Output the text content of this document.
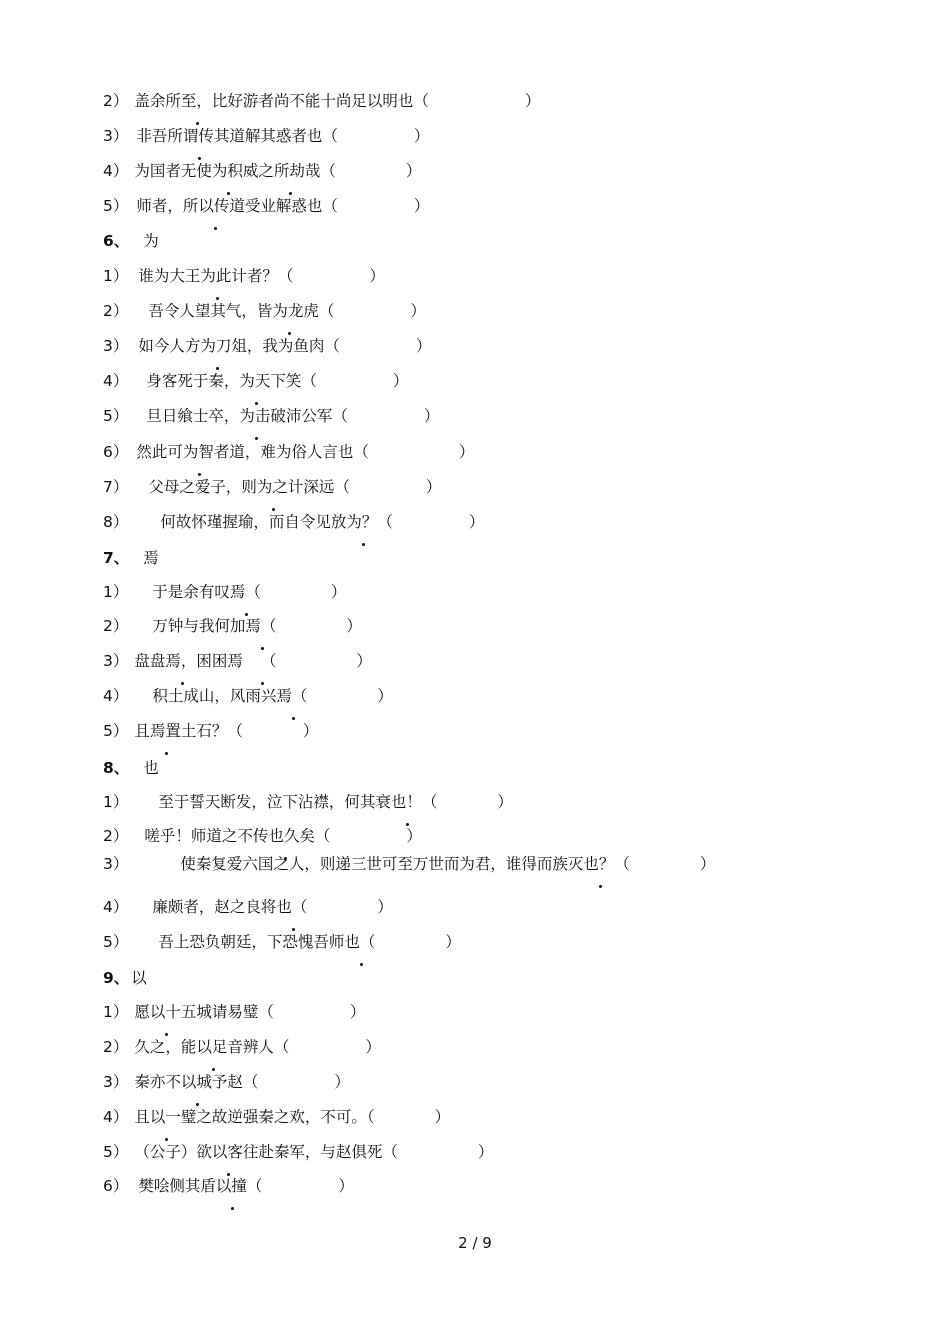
2） 盖余所至，比好游者尚不能十尚足以明也（	）
3） 非吾所谓传其道解其惑者也（	）
4） 为国者无使为积威之所劫哉（	）
5） 师者，所以传道受业解惑也（	）
6、 为
1） 谁为大王为此计者？（	）
2） 吾令人望其气，皆为龙虎（	）
3） 如今人方为刀俎，我为鱼肉（	）
4） 身客死于秦，为天下笑（	）
5） 旦日飨士卒，为击破沛公军（	）
6） 然此可为智者道，难为俗人言也（	）
7） 父母之爱子，则为之计深远（	）
8） 何故怀瑾握瑜，而自令见放为？（	）
7、 焉
1） 于是余有叹焉（	）
2） 万钟与我何加焉（	）
3） 盘盘焉，困困焉 （	）
4） 积土成山，风雨兴焉（	）
5） 且焉置土石？（	）
8、 也
1） 至于誓天断发，泣下沾襟，何其衰也！（	）
2） 嗟乎！师道之不传也久矣（	）
3）	使秦复爱六国之人，则递三世可至万世而为君，谁得而族灭也？（	）
4） 廉颇者，赵之良将也（	）
5） 吾上恐负朝廷，下恐愧吾师也（	）
9、 以
1） 愿以十五城请易璧（	）
2） 久之，能以足音辨人（	）
3） 秦亦不以城予赵（	）
4） 且以一璧之故逆强秦之欢，不可。（	）
5） （公子）欲以客往赴秦军，与赵俱死（	）
6） 樊哙侧其盾以撞（	）
2 / 9
